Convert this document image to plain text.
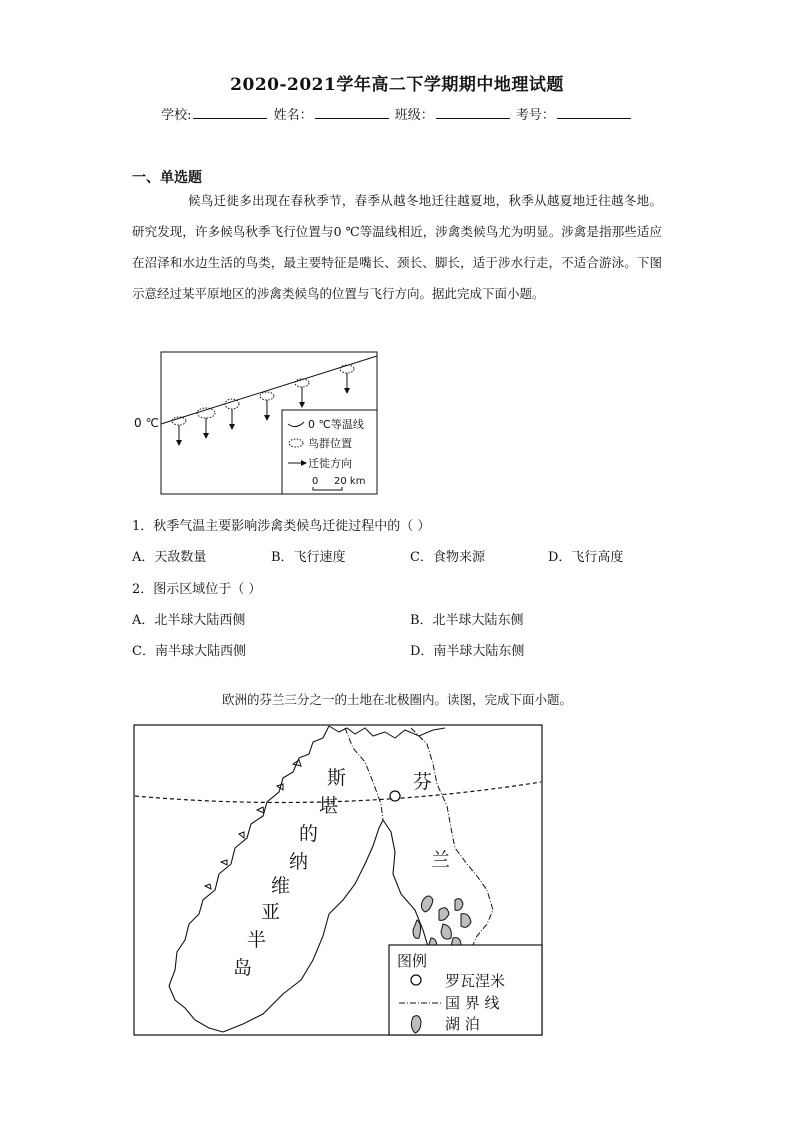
2020-2021学年高二下学期期中地理试题
学校:	姓名：	班级：	考号：
一、单选题
候鸟迁徙多出现在春秋季节，春季从越冬地迁往越夏地，秋季从越夏地迁往越冬地。研究发现，许多候鸟秋季飞行位置与0 ℃等温线相近，涉禽类候鸟尤为明显。涉禽是指那些适应在沼泽和水边生活的鸟类，最主要特征是嘴长、颈长、脚长，适于涉水行走，不适合游泳。下图示意经过某平原地区的涉禽类候鸟的位置与飞行方向。据此完成下面小题。
0 ℃	0 ℃等温线
鸟群位置
迁徙方向
0 20 km
1．秋季气温主要影响涉禽类候鸟迁徙过程中的（ ）
A．天敌数量	B．飞行速度	C．食物来源	D．飞行高度
2．图示区域位于（ ）
A．北半球大陆西侧	B．北半球大陆东侧
C．南半球大陆西侧	D．南半球大陆东侧
欧洲的芬兰三分之一的土地在北极圈内。读图，完成下面小题。
斯
堪
的
纳
维
亚
半
岛
芬
兰
图例
罗瓦涅米
国 界 线
湖 泊
